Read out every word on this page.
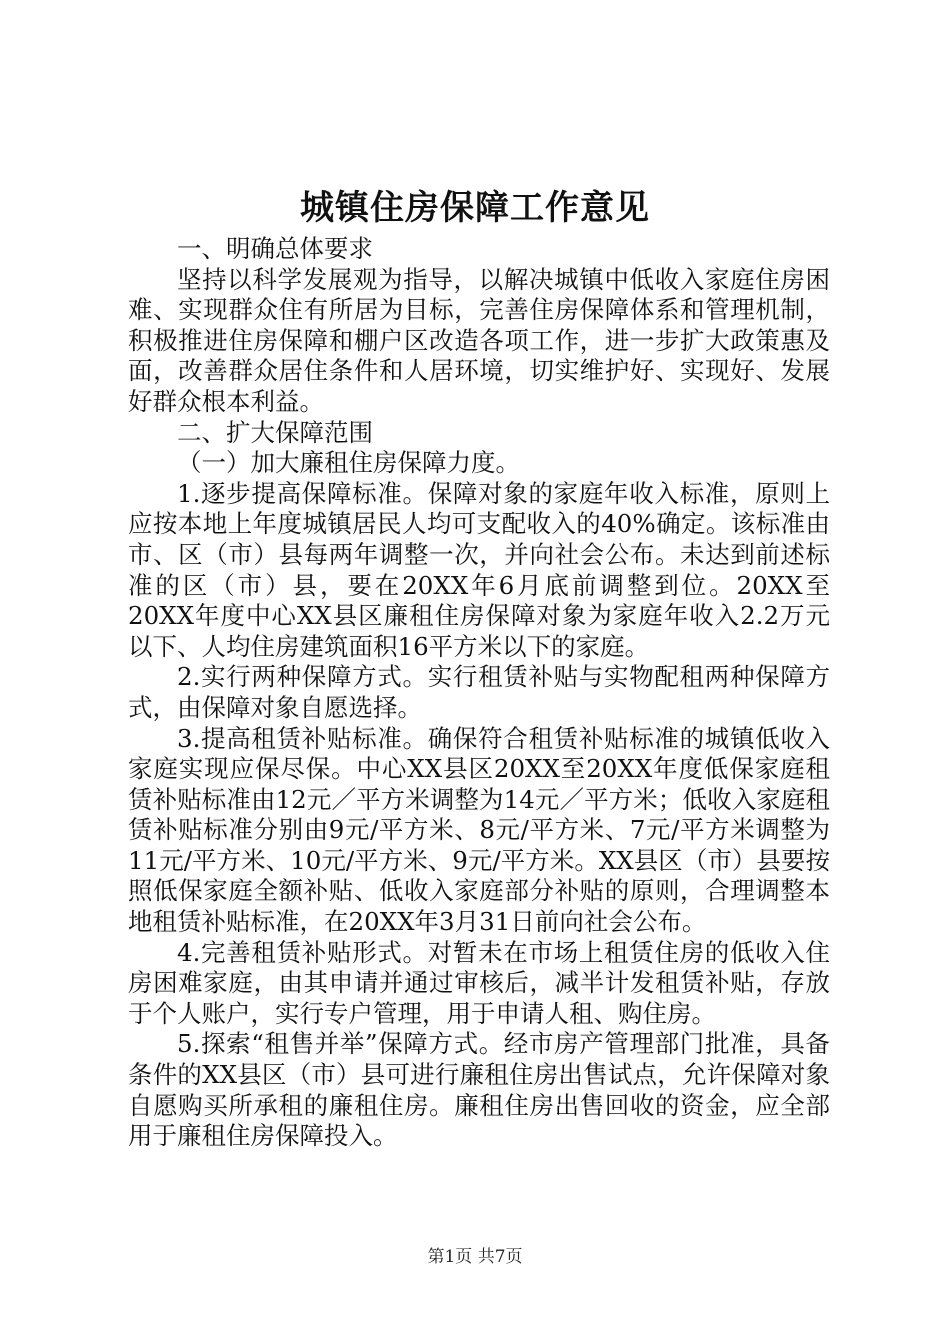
城镇住房保障工作意见

一、明确总体要求

坚持以科学发展观为指导，以解决城镇中低收入家庭住房困难、实现群众住有所居为目标，完善住房保障体系和管理机制，积极推进住房保障和棚户区改造各项工作，进一步扩大政策惠及面，改善群众居住条件和人居环境，切实维护好、实现好、发展好群众根本利益。

二、扩大保障范围

（一）加大廉租住房保障力度。

1.逐步提高保障标准。保障对象的家庭年收入标准，原则上应按本地上年度城镇居民人均可支配收入的40%确定。该标准由市、区（市）县每两年调整一次，并向社会公布。未达到前述标准的区（市）县，要在20XX年6月底前调整到位。20XX至20XX年度中心XX县区廉租住房保障对象为家庭年收入2.2万元以下、人均住房建筑面积16平方米以下的家庭。

2.实行两种保障方式。实行租赁补贴与实物配租两种保障方式，由保障对象自愿选择。

3.提高租赁补贴标准。确保符合租赁补贴标准的城镇低收入家庭实现应保尽保。中心XX县区20XX至20XX年度低保家庭租赁补贴标准由12元／平方米调整为14元／平方米；低收入家庭租赁补贴标准分别由9元/平方米、8元/平方米、7元/平方米调整为11元/平方米、10元/平方米、9元/平方米。XX县区（市）县要按照低保家庭全额补贴、低收入家庭部分补贴的原则，合理调整本地租赁补贴标准，在20XX年3月31日前向社会公布。

4.完善租赁补贴形式。对暂未在市场上租赁住房的低收入住房困难家庭，由其申请并通过审核后，减半计发租赁补贴，存放于个人账户，实行专户管理，用于申请人租、购住房。

5.探索“租售并举”保障方式。经市房产管理部门批准，具备条件的XX县区（市）县可进行廉租住房出售试点，允许保障对象自愿购买所承租的廉租住房。廉租住房出售回收的资金，应全部用于廉租住房保障投入。

第1页 共7页
